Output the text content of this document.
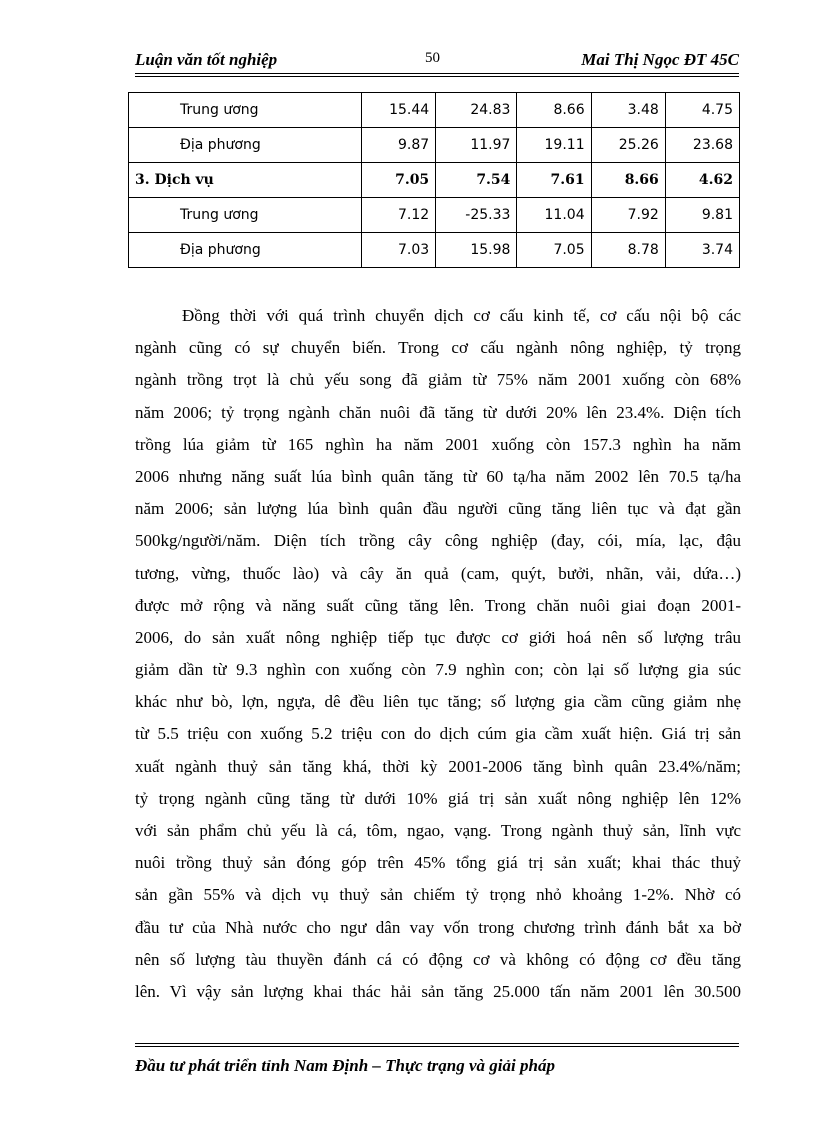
Luận văn tốt nghiệp	50	Mai Thị Ngọc ĐT 45C
Trung ương	15.44	24.83	8.66	3.48	4.75
Địa phương	9.87	11.97	19.11	25.26	23.68
3. Dịch vụ	7.05	7.54	7.61	8.66	4.62
Trung ương	7.12	-25.33	11.04	7.92	9.81
Địa phương	7.03	15.98	7.05	8.78	3.74
Đồng thời với quá trình chuyển dịch cơ cấu kinh tế, cơ cấu nội bộ các
ngành cũng có sự chuyển biến. Trong cơ cấu ngành nông nghiệp, tỷ trọng
ngành trồng trọt là chủ yếu song đã giảm từ 75% năm 2001 xuống còn 68%
năm 2006; tỷ trọng ngành chăn nuôi đã tăng từ dưới 20% lên 23.4%. Diện tích
trồng lúa giảm từ 165 nghìn ha năm 2001 xuống còn 157.3 nghìn ha năm
2006 nhưng năng suất lúa bình quân tăng từ 60 tạ/ha năm 2002 lên 70.5 tạ/ha
năm 2006; sản lượng lúa bình quân đầu người cũng tăng liên tục và đạt gần
500kg/người/năm. Diện tích trồng cây công nghiệp (đay, cói, mía, lạc, đậu
tương, vừng, thuốc lào) và cây ăn quả (cam, quýt, bưởi, nhãn, vải, dứa…)
được mở rộng và năng suất cũng tăng lên. Trong chăn nuôi giai đoạn 2001-
2006, do sản xuất nông nghiệp tiếp tục được cơ giới hoá nên số lượng trâu
giảm dần từ 9.3 nghìn con xuống còn 7.9 nghìn con; còn lại số lượng gia súc
khác như bò, lợn, ngựa, dê đều liên tục tăng; số lượng gia cầm cũng giảm nhẹ
từ 5.5 triệu con xuống 5.2 triệu con do dịch cúm gia cầm xuất hiện. Giá trị sản
xuất ngành thuỷ sản tăng khá, thời kỳ 2001-2006 tăng bình quân 23.4%/năm;
tỷ trọng ngành cũng tăng từ dưới 10% giá trị sản xuất nông nghiệp lên 12%
với sản phẩm chủ yếu là cá, tôm, ngao, vạng. Trong ngành thuỷ sản, lĩnh vực
nuôi trồng thuỷ sản đóng góp trên 45% tổng giá trị sản xuất; khai thác thuỷ
sản gần 55% và dịch vụ thuỷ sản chiếm tỷ trọng nhỏ khoảng 1-2%. Nhờ có
đầu tư của Nhà nước cho ngư dân vay vốn trong chương trình đánh bắt xa bờ
nên số lượng tàu thuyền đánh cá có động cơ và không có động cơ đều tăng
lên. Vì vậy sản lượng khai thác hải sản tăng 25.000 tấn năm 2001 lên 30.500
Đầu tư phát triển tỉnh Nam Định – Thực trạng và giải pháp
